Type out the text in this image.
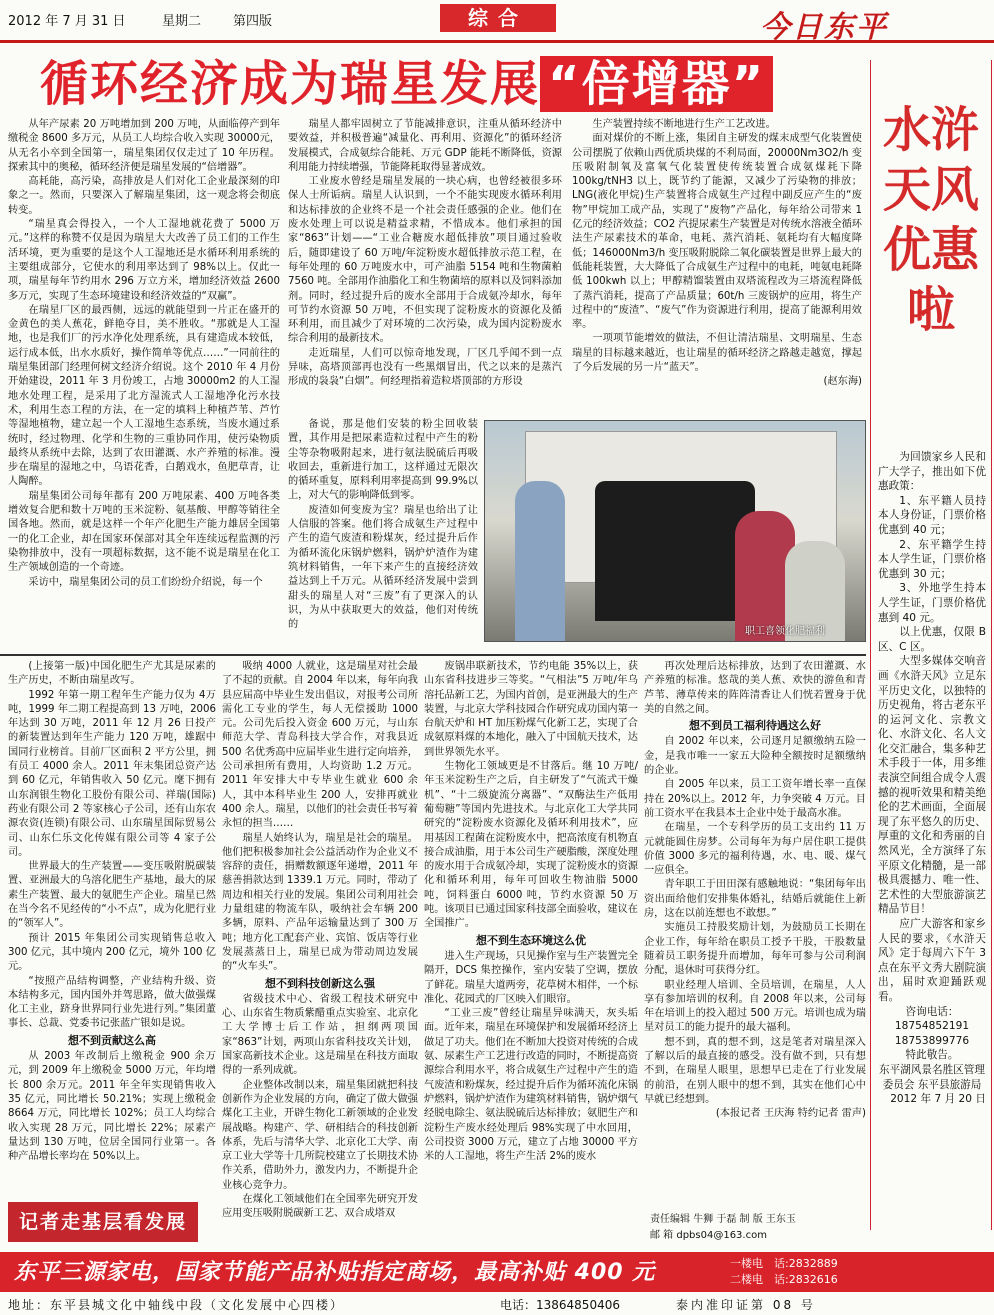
2012 年 7 月 31 日	星期二 第四版	综合	今日东平
循环经济成为瑞星发展 “倍增器”

从年产尿素 20 万吨增加到 200 万吨，从面临停产到年缴税金 8600 多万元，从员工人均综合收入实现 30000元，从无名小卒到全国第一，瑞星集团仅仅走过了 10 年历程。探索其中的奥秘，循环经济便是瑞星发展的“倍增器”。

高耗能，高污染，高排放是人们对化工企业最深刻的印象之一。然而，只要深入了解瑞星集团，这一观念将会彻底转变。

“瑞星真会得投入，一个人工湿地就花费了 5000 万元。”这样的称赞不仅是因为瑞星大大改善了员工们的工作生活环境，更为重要的是这个人工湿地还是水循环利用系统的主要组成部分，它使水的利用率达到了 98%以上。仅此一项，瑞星每年节约用水 296 万立方米，增加经济效益 2600 多万元，实现了生态环境建设和经济效益的“双赢”。

在瑞星厂区的最西侧，远远的就能望到一片正在盛开的金黄色的美人蕉花，鲜艳夺目，美不胜收。“那就是人工湿地，也是我们厂的污水净化处理系统，具有建造成本较低，运行成本低，出水水质好，操作简单等优点……”一同前往的瑞星集团部门经理何树文经济介绍说。这个 2010 年 4 月份开始建设，2011 年 3 月份竣工，占地 30000m2 的人工湿地水处理工程，是采用了北方湿流式人工湿地净化污水技术，利用生态工程的方法，在一定的填料上种植芦苇、芦竹等湿地植物，建立起一个人工湿地生态系统，当废水通过系统时，经过物理、化学和生物的三重协同作用，使污染物质最终从系统中去除，达到了农田灌溉、水产养殖的标准。漫步在瑞星的湿地之中，乌语花香，白鹅戏水，鱼肥草青，让人陶醉。

瑞星集团公司每年都有 200 万吨尿素、400 万吨各类增效复合肥和数十万吨的玉米淀粉、氨基酸、甲醇等销往全国各地。然而，就是这样一个年产化肥生产能力雄居全国第一的化工企业，却在国家环保部对其全年连续远程监测的污染物排放中，没有一项超标数据，这不能不说是瑞星在化工生产领域创造的一个奇迹。

采访中，瑞星集团公司的员工们纷纷介绍说，每一个

瑞星人都牢固树立了节能减排意识，注重从循环经济中要效益，并积极普遍“减量化、再利用、资源化”的循环经济发展模式，合成氨综合能耗、万元 GDP 能耗不断降低，资源利用能力持续增强，节能降耗取得显著成效。

工业废水曾经是瑞星发展的一块心病，也曾经被很多环保人士所诟病。瑞星人认识到，一个不能实现废水循环利用和达标排放的企业终不是一个社会责任感强的企业。他们在废水处理上可以说是精益求精，不惜成本。他们承担的国家“863”计划——“工业合糖废水超低排放”项目通过验收后，随即建设了 60 万吨/年淀粉废水超低排放示范工程，在每年处理的 60 万吨废水中，可产油脂 5154 吨和生物菌粕 7560 吨。全部用作油脂化工和生物菌培的原料以及饲料添加剂。同时，经过提升后的废水全部用于合成氨冷却水，每年可节约水资源 50 万吨，不但实现了淀粉废水的资源化及循环利用，而且减少了对环境的二次污染，成为国内淀粉废水综合利用的最新技术。

走近瑞星，人们可以惊奇地发现，厂区几乎闻不到一点异味，高塔顶部再也没有一些黑烟冒出，代之以来的是蒸汽形成的袅袅“白烟”。何经理指着造粒塔顶部的方形设

备说，那是他们安装的粉尘回收装置，其作用是把尿素造粒过程中产生的粉尘等杂物吸附起来，进行氨法脱硫后再吸收回去，重新进行加工，这样通过无限次的循环重复，原料利用率提高到 99.9%以上，对大气的影响降低到零。

废渣如何变废为宝？瑞星也给出了让人信服的答案。他们将合成氨生产过程中产生的造气废渣和粉煤灰，经过提升后作为循环流化床锅炉燃料，锅炉炉渣作为建筑材料销售，一年下来产生的直接经济效益达到上千万元。从循环经济发展中尝到甜头的瑞星人对“三废”有了更深入的认识，为从中获取更大的效益，他们对传统的

生产装置持续不断地进行生产工艺改进。

面对煤价的不断上涨，集团自主研发的煤末成型气化装置使公司摆脱了依赖山西优质块煤的不利局面，20000Nm3O2/h 变压吸附制氧及富氧气化装置使传统装置合成氨煤耗下降 100kg/tNH3 以上，既节约了能源，又减少了污染物的排放；LNG(液化甲烷)生产装置将合成氨生产过程中副反应产生的“废物”甲烷加工成产品，实现了“废物”产品化，每年给公司带来 1 亿元的经济效益；CO2 汽提尿素生产装置是对传统水溶液全循环法生产尿素技术的革命，电耗、蒸汽消耗、氨耗均有大幅度降低；146000Nm3/h 变压吸附脱除二氧化碳装置是世界上最大的低能耗装置，大大降低了合成氨生产过程中的电耗，吨氨电耗降低 100kwh 以上；甲醇精馏装置由双塔流程改为三塔流程降低了蒸汽消耗，提高了产品质量；60t/h 三废锅炉的应用，将生产过程中的“废渣”、“废气”作为资源进行利用，提高了能源利用效率。

一项项节能增效的做法，不但让清洁瑞星、文明瑞星、生态瑞星的目标越来越近，也让瑞星的循环经济之路越走越宽，撑起了今后发展的另一片“蓝天”。

(赵东海)

职工喜领化肥福利

(上接第一版)中国化肥生产尤其是尿素的生产历史，不断由瑞星改写。

1992 年第一期工程年生产能力仅为 4万吨，1999 年二期工程提高到 13 万吨，2006 年达到 30 万吨，2011 年 12 月 26 日投产的新装置达到年生产能力 120 万吨，雄踞中国同行业榜首。目前厂区面积 2 平方公里，拥有员工 4000 余人。2011 年末集团总资产达到 60 亿元，年销售收入 50 亿元。麾下拥有山东润银生物化工股份有限公司、祥瑞(国际)药业有限公司 2 等家核心子公司，还有山东农源农资(连锁)有限公司、山东瑞星国际贸易公司、山东仁乐文化传媒有限公司等 4 家子公司。

世界最大的生产装置——变压吸附脱碳装置、亚洲最大的乌溶化肥生产基地，最大的尿素生产装置、最大的氨肥生产企业。瑞星已然在当今名不见经传的“小不点”，成为化肥行业的“领军人”。

预计 2015 年集团公司实现销售总收入 300 亿元，其中境内 200 亿元，境外 100 亿元。

“按照产品结构调整，产业结构升级、资本结构多元，国内国外并驾思路，做大做强煤化工主业，跻身世界同行业先进行列。”集团董事长、总裁、党委书记张蓝广银如是说。

想不到贡献这么高

从 2003 年改制后上缴税金 900 余万元，到 2009 年上缴税金 5000 万元，年均增长 800 余万元。2011 年全年实现销售收入 35 亿元，同比增长 50.21%；实现上缴税金 8664 万元，同比增长 102%；员工人均综合收入实现 28 万元，同比增长 22%；尿素产量达到 130 万吨，位居全国同行业第一。各种产品增长率均在 50%以上。

吸纳 4000 人就业，这是瑞星对社会最了不起的贡献。自 2004 年以来，每年向我县应届高中毕业生发出倡议，对报考公司所需化工专业的学生，每人无偿援助 1000 元。公司先后投入资金 600 万元，与山东师范大学、青岛科技大学合作，对我县近 500 名优秀高中应届毕业生进行定向培养，公司承担所有费用，人均资助 1.2 万元。2011 年安排大中专毕业生就业 600 余人，其中本科毕业生 200 人，安排再就业 400 余人。瑞星，以他们的社会责任书写着永恒的担当……

瑞星人始终认为，瑞星是社会的瑞星。他们把积极参加社会公益活动作为企业义不容辞的责任，捐赠数额逐年递增，2011 年慈善捐款达到 1339.1 万元。同时，带动了周边和相关行业的发展。集团公司利用社会力量组建的物流车队，吸纳社会车辆 200 多辆，原料、产品年运输量达到了 300 万吨；地方化工配套产业、宾馆、饭店等行业发展蒸蒸日上，瑞星已成为带动周边发展的“火车头”。

想不到科技创新这么强

省级技术中心、省级工程技术研究中心、山东省生物质紫醋重点实验室、北京化工大学博士后工作站，担纲两项国家“863”计划，两项山东省科技攻关计划，国家高新技术企业。这是瑞星在科技方面取得的一系列成就。

企业整体改制以来，瑞星集团就把科技创新作为企业发展的方向，确定了做大做强煤化工主业，开辟生物化工新领域的企业发展战略。构建产、学、研相结合的科技创新体系，先后与清华大学、北京化工大学、南京工业大学等十几所院校建立了长期技术协作关系，借助外力，激发内力，不断提升企业核心竞争力。

在煤化工领域他们在全国率先研究开发应用变压吸附脱碳新工艺、双合成塔双

废锅串联新技术，节约电能 35%以上，获山东省科技进步三等奖。“气相法”5 万吨/年乌溶托品新工艺，为国内首创，是亚洲最大的生产装置，与北京大学科技园合作研究成功国内第一台航天炉和 HT 加压粉煤气化新工艺，实现了合成氨原料煤的本地化，融入了中国航天技术，达到世界领先水平。

生物化工领域更是不甘落后。继 10 万吨/年玉米淀粉生产之后，自主研发了“气流式干燥机”、“十二级旋流分离器”、“双酶法生产低用葡萄糖”等国内先进技术。与北京化工大学共同研究的“淀粉废水资源化及循环利用技术”，应用基因工程菌在淀粉废水中，把高浓度有机物直接合成油脂，用于本公司生产硬脂酸，深度处理的废水用于合成氨冷却，实现了淀粉废水的资源化和循环利用，每年可回收生物油脂 5000 吨，饲料蛋白 6000 吨，节约水资源 50 万吨。该项目已通过国家科技部全面验收，建议在全国推广。

想不到生态环境这么优

进入生产现场，只见操作室与生产装置完全隔开，DCS 集控操作，室内安装了空调，摆放了鲜花。瑞星大道两旁，花草树木相伴，一个标准化、花园式的厂区映入们眼帘。

“工业三废”曾经让瑞星异味满天，灰头垢面。近年来，瑞星在环境保护和发展循环经济上做足了功夫。他们在不断加大投资对传统的合成氨、尿素生产工艺进行改造的同时，不断提高资源综合利用水平，将合成氨生产过程中产生的造气废渣和粉煤灰，经过提升后作为循环流化床锅炉燃料，锅炉炉渣作为建筑材料销售，锅炉烟气经脱电除尘、氨法脱硫后达标排放；氨肥生产和淀粉生产废水经处理后 98%实现了中水回用，公司投资 3000 万元，建立了占地 30000 平方米的人工湿地，将生产生活 2%的废水

再次处理后达标排放，达到了农田灌溉、水产养殖的标准。悠哉的美人蕉、欢快的游鱼和青芦苇、薄草传来的阵阵清香让人们恍若置身于优美的自然之间。

想不到员工福利待遇这么好

自 2002 年以来，公司逐月足额缴纳五险一金，是我市唯一一家五大险种全额按时足额缴纳的企业。

自 2005 年以来，员工工资年增长率一直保持在 20%以上。2012 年，力争突破 4 万元。目前工资水平在我县本土企业中处于最高水准。

在瑞星，一个专科学历的员工支出约 11 万元就能圆住房梦。公司每年为每户居住职工提供价值 3000 多元的福利待遇，水、电、暖、煤气一应俱全。

青年职工于田田深有感触地说：“集团每年出资出面给他们安排集体婚礼，结婚后就能住上新房，这在以前连想也不敢想。”

实施员工持股奖励计划，为鼓励员工长期在企业工作，每年给在职员工授予干股，干股数量随着员工职务提升而增加，每年可参与公司利润分配，退休时可获得分红。

职业经理人培训、全员培训，在瑞星，人人享有参加培训的权利。自 2008 年以来，公司每年在培训上的投入超过 500 万元。培训也成为瑞星对员工的能力提升的最大福利。

想不到，真的想不到，这是笔者对瑞星深入了解以后的最直接的感受。没有做不到，只有想不到，在瑞星人眼里，思想早已走在了行业发展的前沿，在别人眼中的想不到，其实在他们心中早就已经想到。

(本报记者 王庆海 特约记者 雷声)

记者走基层看发展	责任编辑 牛狮 于磊 制 版 王东玉
邮 箱 dpbs04@163.com
水浒天风优惠啦

为回馈家乡人民和广大学子，推出如下优惠政策：

1、东平籍人员持本人身份证，门票价格优惠到 40 元；

2、东平籍学生持本人学生证，门票价格优惠到 30 元；

3、外地学生持本人学生证，门票价格优惠到 40 元。

以上优惠，仅限 B 区、C 区。

大型多媒体交响音画《水浒天风》立足东平历史文化，以独特的历史视角，将古老东平的运河文化、宗教文化、水浒文化、名人文化交汇融合，集多种艺术手段于一体，用多维表演空间组合成令人震撼的视听效果和精美绝伦的艺术画面，全面展现了东平悠久的历史、厚重的文化和秀丽的自然风光，全方演绎了东平原文化精髓，是一部极具震撼力、唯一性、艺术性的大型旅游演艺精品节目！

应广大游客和家乡人民的要求，《水浒天风》定于每周六下午 3 点在东平文秀大剧院演出，届时欢迎踊跃观看。

咨询电话：

18754852191

18753899776

特此敬告。

东平湖风景名胜区管理委员会 东平县旅游局

2012 年 7 月 20 日

东平三源家电，国家节能产品补贴指定商场，最高补贴 400 元	一楼电　话:2832889
二楼电　话:2832616
地址：东平县城文化中轴线中段（文化发展中心四楼）	电话：13864850406	泰内准印证第 08 号
